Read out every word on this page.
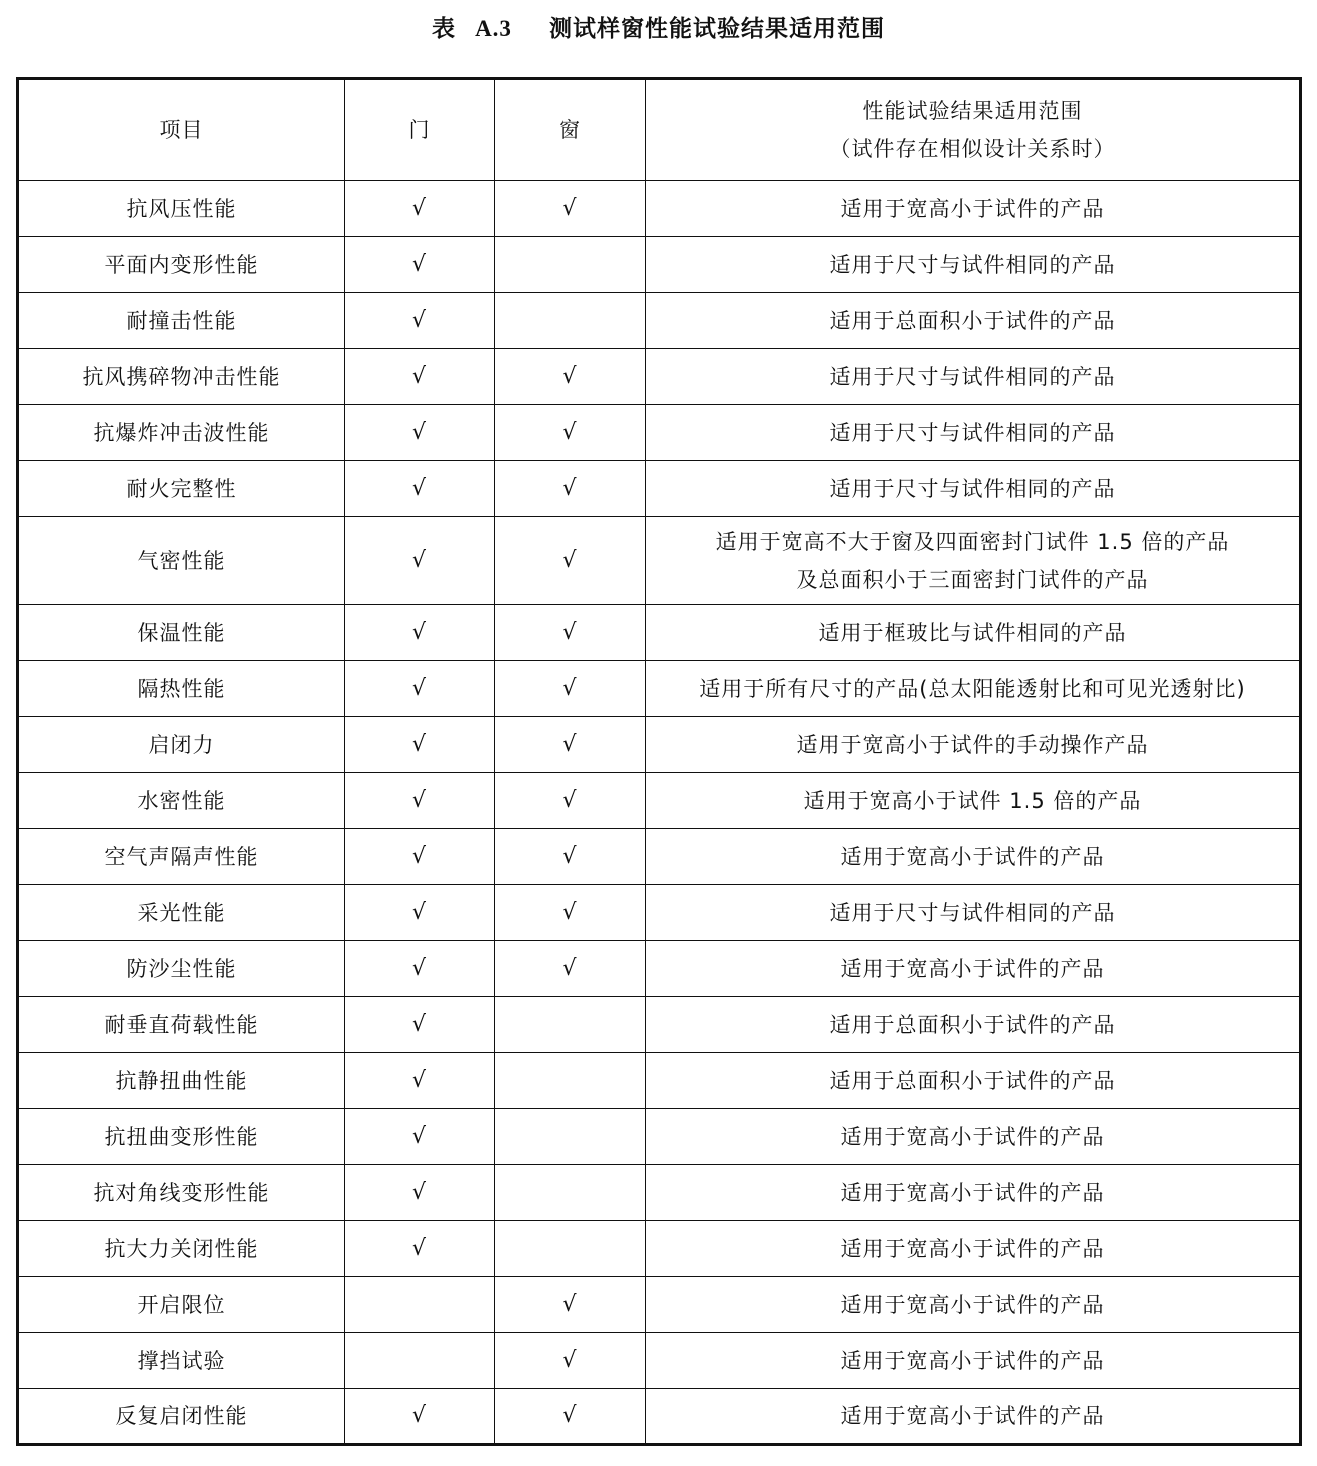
表 A.3 测试样窗性能试验结果适用范围
项目	门	窗	性能试验结果适用范围
（试件存在相似设计关系时）

抗风压性能	√	√	适用于宽高小于试件的产品

平面内变形性能	√		适用于尺寸与试件相同的产品

耐撞击性能	√		适用于总面积小于试件的产品

抗风携碎物冲击性能	√	√	适用于尺寸与试件相同的产品

抗爆炸冲击波性能	√	√	适用于尺寸与试件相同的产品

耐火完整性	√	√	适用于尺寸与试件相同的产品

气密性能	√	√	适用于宽高不大于窗及四面密封门试件 1.5 倍的产品
及总面积小于三面密封门试件的产品

保温性能	√	√	适用于框玻比与试件相同的产品

隔热性能	√	√	适用于所有尺寸的产品(总太阳能透射比和可见光透射比)

启闭力	√	√	适用于宽高小于试件的手动操作产品

水密性能	√	√	适用于宽高小于试件 1.5 倍的产品

空气声隔声性能	√	√	适用于宽高小于试件的产品

采光性能	√	√	适用于尺寸与试件相同的产品

防沙尘性能	√	√	适用于宽高小于试件的产品

耐垂直荷载性能	√		适用于总面积小于试件的产品

抗静扭曲性能	√		适用于总面积小于试件的产品

抗扭曲变形性能	√		适用于宽高小于试件的产品

抗对角线变形性能	√		适用于宽高小于试件的产品

抗大力关闭性能	√		适用于宽高小于试件的产品

开启限位		√	适用于宽高小于试件的产品

撑挡试验		√	适用于宽高小于试件的产品

反复启闭性能	√	√	适用于宽高小于试件的产品
